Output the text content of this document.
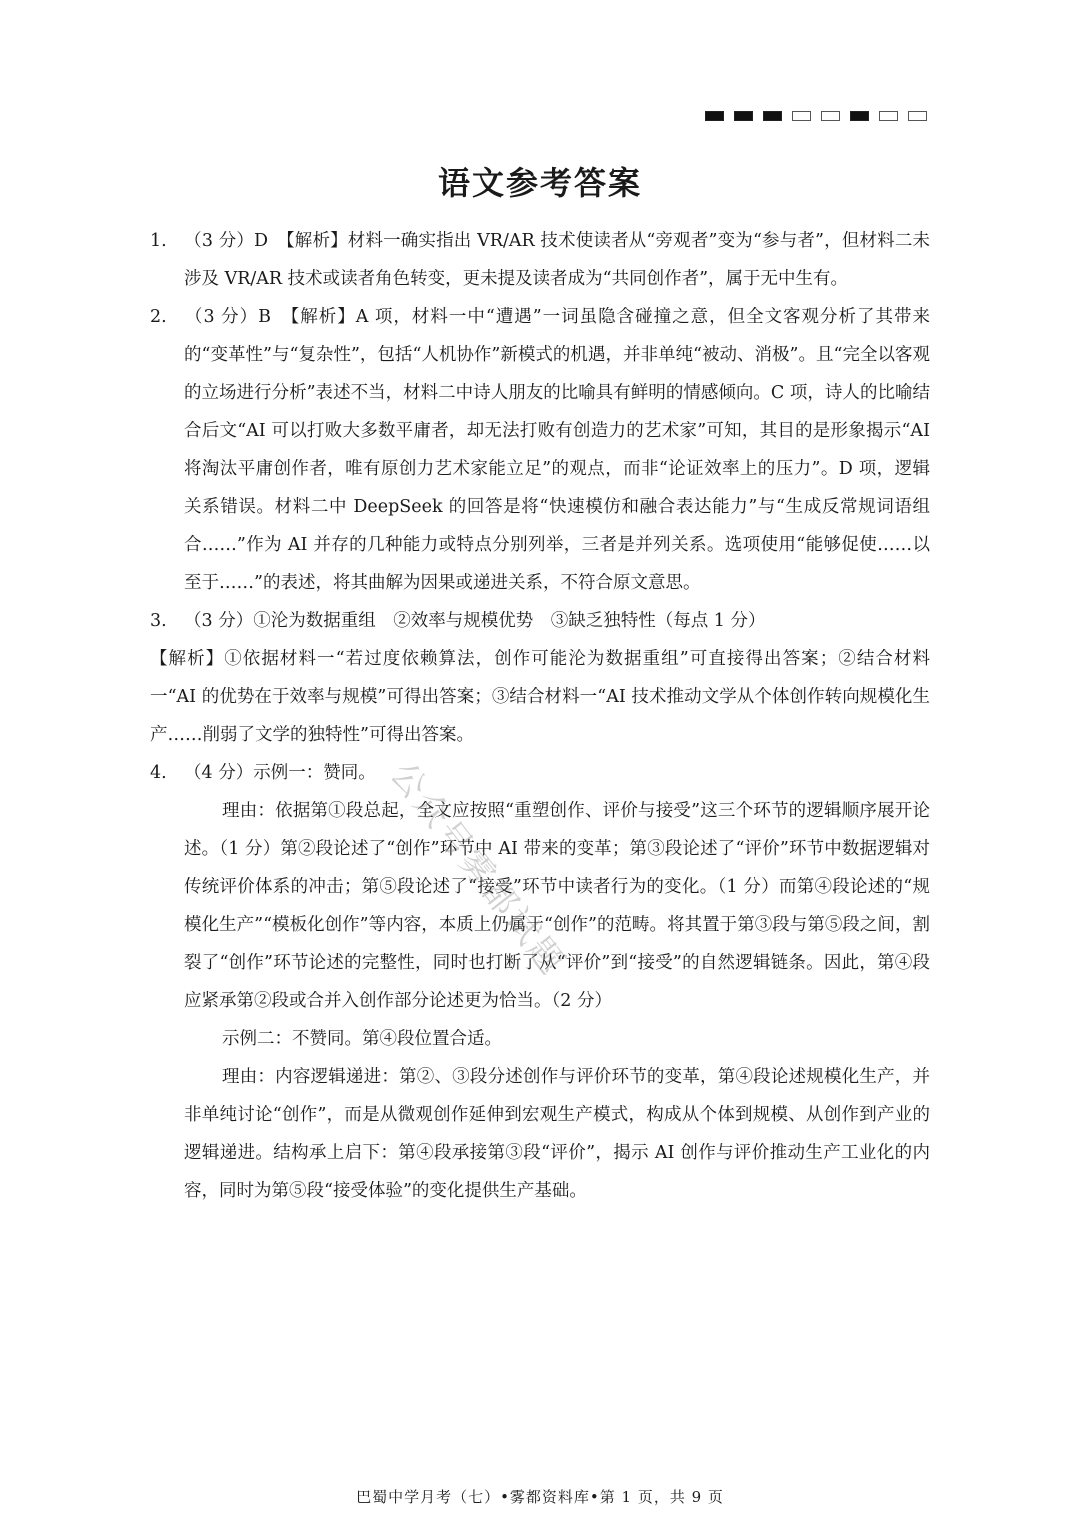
语文参考答案

1. （3 分）D　【解析】材料一确实指出 VR/AR 技术使读者从“旁观者”变为“参与者”，但材料二未涉及 VR/AR 技术或读者角色转变，更未提及读者成为“共同创作者”，属于无中生有。

2. （3 分）B　【解析】A 项，材料一中“遭遇”一词虽隐含碰撞之意，但全文客观分析了其带来的“变革性”与“复杂性”，包括“人机协作”新模式的机遇，并非单纯“被动、消极”。且“完全以客观的立场进行分析”表述不当，材料二中诗人朋友的比喻具有鲜明的情感倾向。C 项，诗人的比喻结合后文“AI 可以打败大多数平庸者，却无法打败有创造力的艺术家”可知，其目的是形象揭示“AI 将淘汰平庸创作者，唯有原创力艺术家能立足”的观点，而非“论证效率上的压力”。D 项，逻辑关系错误。材料二中 DeepSeek 的回答是将“快速模仿和融合表达能力”与“生成反常规词语组合……”作为 AI 并存的几种能力或特点分别列举，三者是并列关系。选项使用“能够促使……以至于……”的表述，将其曲解为因果或递进关系，不符合原文意思。

3. （3 分）①沦为数据重组　②效率与规模优势　③缺乏独特性（每点 1 分）

【解析】①依据材料一“若过度依赖算法，创作可能沦为数据重组”可直接得出答案；②结合材料一“AI 的优势在于效率与规模”可得出答案；③结合材料一“AI 技术推动文学从个体创作转向规模化生产……削弱了文学的独特性”可得出答案。

4. （4 分）示例一：赞同。

理由：依据第①段总起，全文应按照“重塑创作、评价与接受”这三个环节的逻辑顺序展开论述。（1 分）第②段论述了“创作”环节中 AI 带来的变革；第③段论述了“评价”环节中数据逻辑对传统评价体系的冲击；第⑤段论述了“接受”环节中读者行为的变化。（1 分）而第④段论述的“规模化生产”“模板化创作”等内容，本质上仍属于“创作”的范畴。将其置于第③段与第⑤段之间，割裂了“创作”环节论述的完整性，同时也打断了从“评价”到“接受”的自然逻辑链条。因此，第④段应紧承第②段或合并入创作部分论述更为恰当。（2 分）

示例二：不赞同。第④段位置合适。

理由：内容逻辑递进：第②、③段分述创作与评价环节的变革，第④段论述规模化生产，并非单纯讨论“创作”，而是从微观创作延伸到宏观生产模式，构成从个体到规模、从创作到产业的逻辑递进。结构承上启下：第④段承接第③段“评价”，揭示 AI 创作与评价推动生产工业化的内容，同时为第⑤段“接受体验”的变化提供生产基础。

公众号雾都试题
巴蜀中学月考（七）•雾都资料库•第 1 页，共 9 页
